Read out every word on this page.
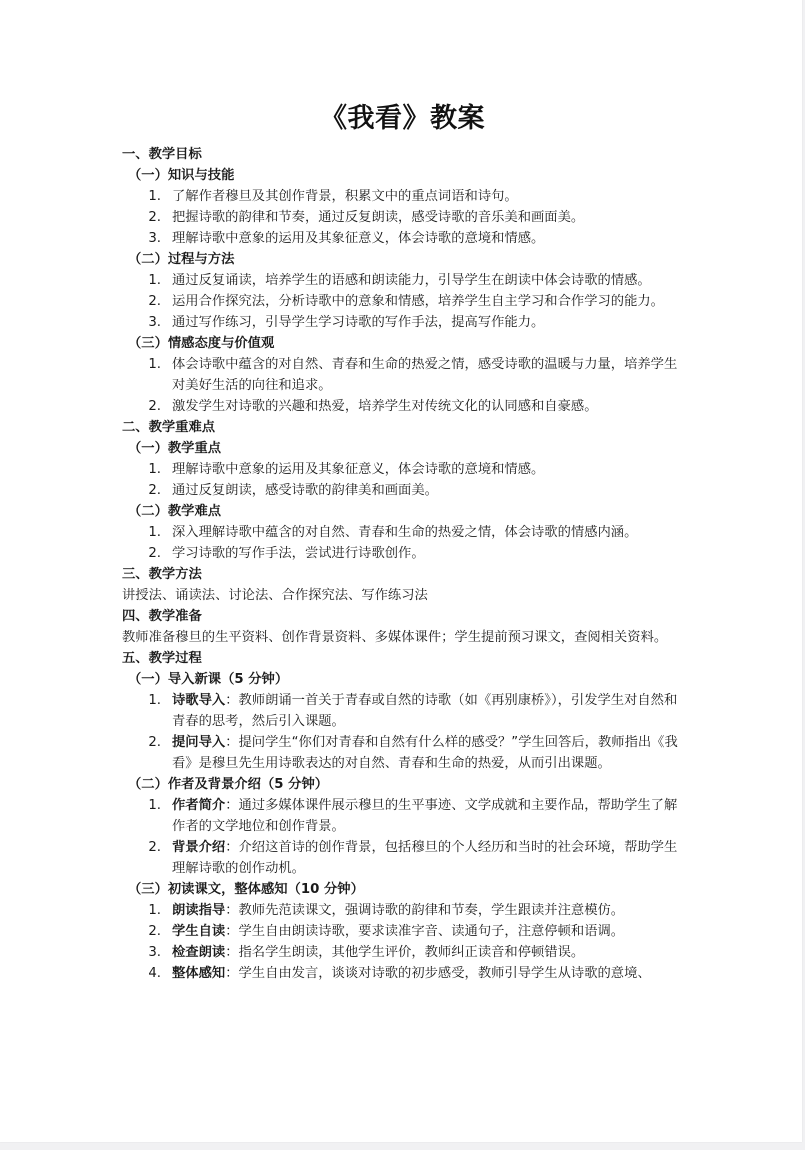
《我看》教案
一、教学目标
（一）知识与技能
1. 了解作者穆旦及其创作背景，积累文中的重点词语和诗句。
2. 把握诗歌的韵律和节奏，通过反复朗读，感受诗歌的音乐美和画面美。
3. 理解诗歌中意象的运用及其象征意义，体会诗歌的意境和情感。
（二）过程与方法
1. 通过反复诵读，培养学生的语感和朗读能力，引导学生在朗读中体会诗歌的情感。
2. 运用合作探究法，分析诗歌中的意象和情感，培养学生自主学习和合作学习的能力。
3. 通过写作练习，引导学生学习诗歌的写作手法，提高写作能力。
（三）情感态度与价值观
1. 体会诗歌中蕴含的对自然、青春和生命的热爱之情，感受诗歌的温暖与力量，培养学生对美好生活的向往和追求。
2. 激发学生对诗歌的兴趣和热爱，培养学生对传统文化的认同感和自豪感。
二、教学重难点
（一）教学重点
1. 理解诗歌中意象的运用及其象征意义，体会诗歌的意境和情感。
2. 通过反复朗读，感受诗歌的韵律美和画面美。
（二）教学难点
1. 深入理解诗歌中蕴含的对自然、青春和生命的热爱之情，体会诗歌的情感内涵。
2. 学习诗歌的写作手法，尝试进行诗歌创作。
三、教学方法

讲授法、诵读法、讨论法、合作探究法、写作练习法

四、教学准备

教师准备穆旦的生平资料、创作背景资料、多媒体课件；学生提前预习课文，查阅相关资料。

五、教学过程
（一）导入新课（5 分钟）
1. 诗歌导入：教师朗诵一首关于青春或自然的诗歌（如《再别康桥》），引发学生对自然和青春的思考，然后引入课题。
2. 提问导入：提问学生“你们对青春和自然有什么样的感受？”学生回答后，教师指出《我看》是穆旦先生用诗歌表达的对自然、青春和生命的热爱，从而引出课题。
（二）作者及背景介绍（5 分钟）
1. 作者简介：通过多媒体课件展示穆旦的生平事迹、文学成就和主要作品，帮助学生了解作者的文学地位和创作背景。
2. 背景介绍：介绍这首诗的创作背景，包括穆旦的个人经历和当时的社会环境，帮助学生理解诗歌的创作动机。
（三）初读课文，整体感知（10 分钟）
1. 朗读指导：教师先范读课文，强调诗歌的韵律和节奏，学生跟读并注意模仿。
2. 学生自读：学生自由朗读诗歌，要求读准字音、读通句子，注意停顿和语调。
3. 检查朗读：指名学生朗读，其他学生评价，教师纠正读音和停顿错误。
4. 整体感知：学生自由发言，谈谈对诗歌的初步感受，教师引导学生从诗歌的意境、
